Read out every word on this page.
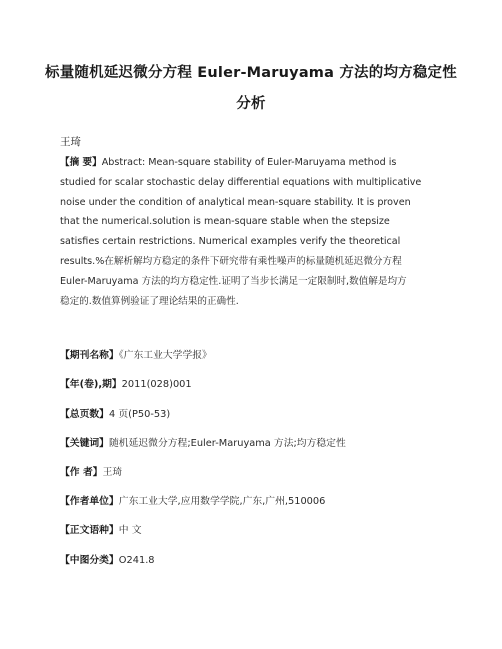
标量随机延迟微分方程 Euler-Maruyama 方法的均方稳定性
分析
王琦
【摘 要】Abstract: Mean-square stability of Euler-Maruyama method is
studied for scalar stochastic delay differential equations with multiplicative
noise under the condition of analytical mean-square stability. It is proven
that the numerical.solution is mean-square stable when the stepsize
satisfies certain restrictions. Numerical examples verify the theoretical
results.%在解析解均方稳定的条件下研究带有乘性噪声的标量随机延迟微分方程
Euler-Maruyama 方法的均方稳定性.证明了当步长满足一定限制时,数值解是均方
稳定的.数值算例验证了理论结果的正确性.
【期刊名称】《广东工业大学学报》
【年(卷),期】2011(028)001
【总页数】4 页(P50-53)
【关键词】随机延迟微分方程;Euler-Maruyama 方法;均方稳定性
【作 者】王琦
【作者单位】广东工业大学,应用数学学院,广东,广州,510006
【正文语种】中 文
【中图分类】O241.8
